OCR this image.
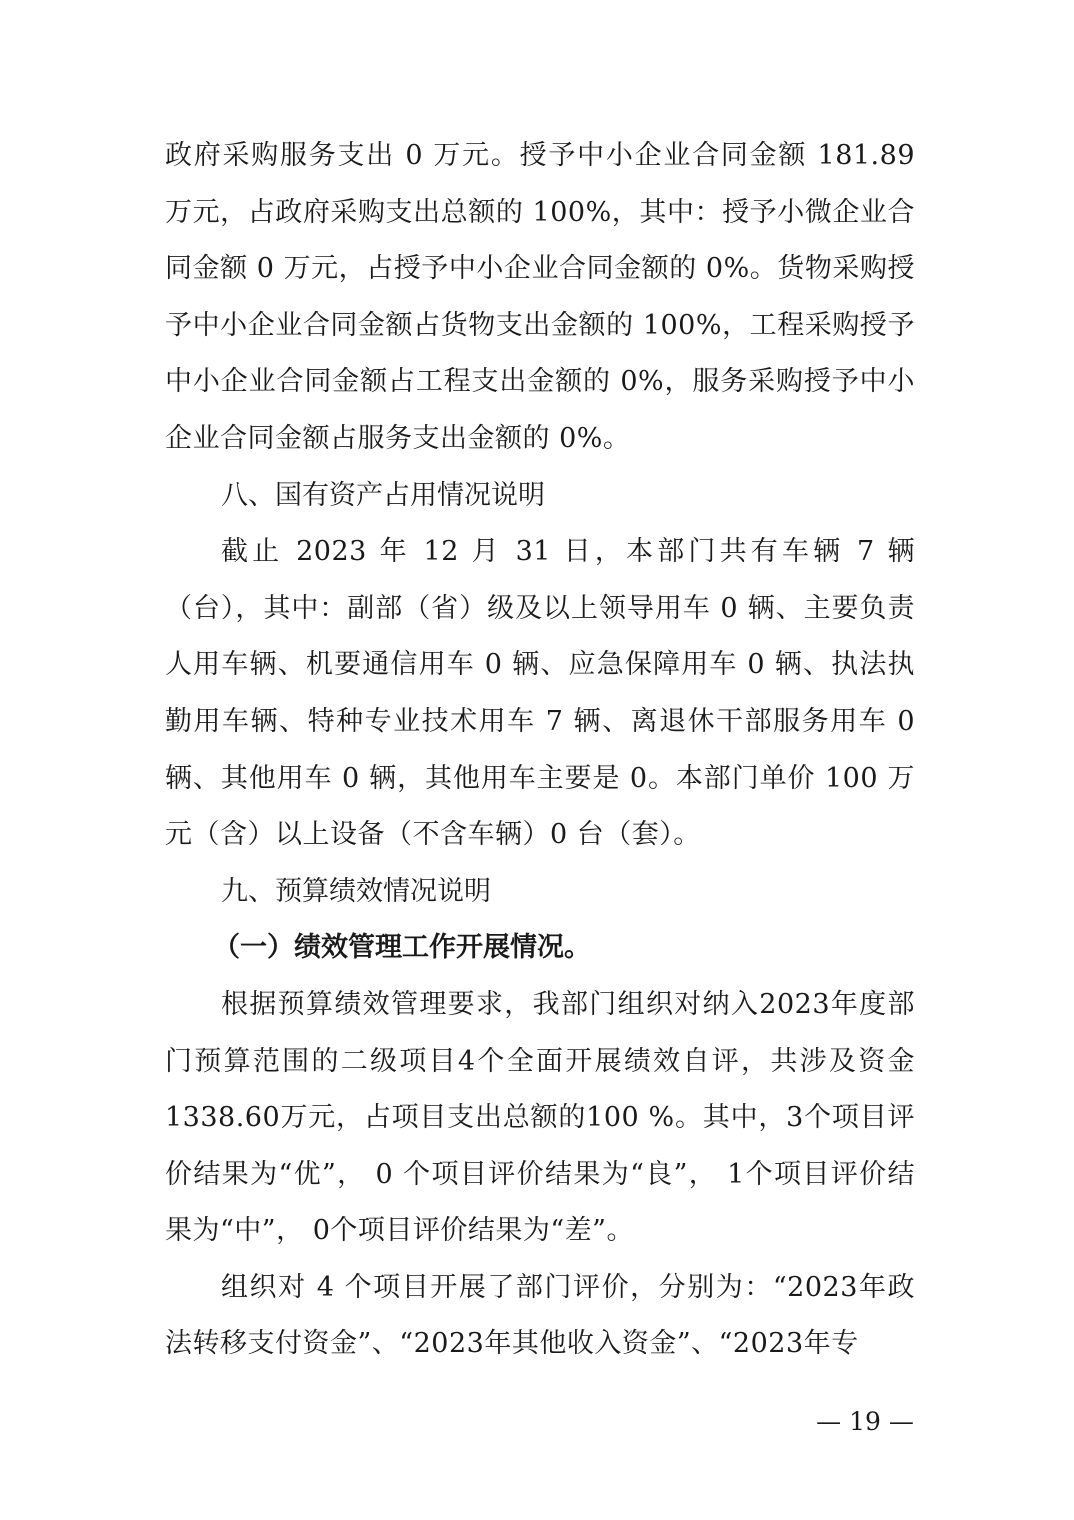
政府采购服务支出 0 万元。授予中小企业合同金额 181.89 万元，占政府采购支出总额的 100%，其中：授予小微企业合同金额 0 万元，占授予中小企业合同金额的 0%。货物采购授予中小企业合同金额占货物支出金额的 100%，工程采购授予中小企业合同金额占工程支出金额的 0%，服务采购授予中小企业合同金额占服务支出金额的 0%。

八、国有资产占用情况说明

截止 2023 年 12 月 31 日，本部门共有车辆 7 辆（台），其中：副部（省）级及以上领导用车 0 辆、主要负责人用车辆、机要通信用车 0 辆、应急保障用车 0 辆、执法执勤用车辆、特种专业技术用车 7 辆、离退休干部服务用车 0 辆、其他用车 0 辆，其他用车主要是 0。本部门单价 100 万元（含）以上设备（不含车辆）0 台（套）。

九、预算绩效情况说明

（一）绩效管理工作开展情况。

根据预算绩效管理要求，我部门组织对纳入2023年度部门预算范围的二级项目4个全面开展绩效自评，共涉及资金1338.60万元，占项目支出总额的100 %。其中，3个项目评价结果为“优”， 0 个项目评价结果为“良”， 1个项目评价结果为“中”， 0个项目评价结果为“差”。

组织对 4 个项目开展了部门评价，分别为：“2023年政法转移支付资金”、“2023年其他收入资金”、“2023年专

— 19 —
